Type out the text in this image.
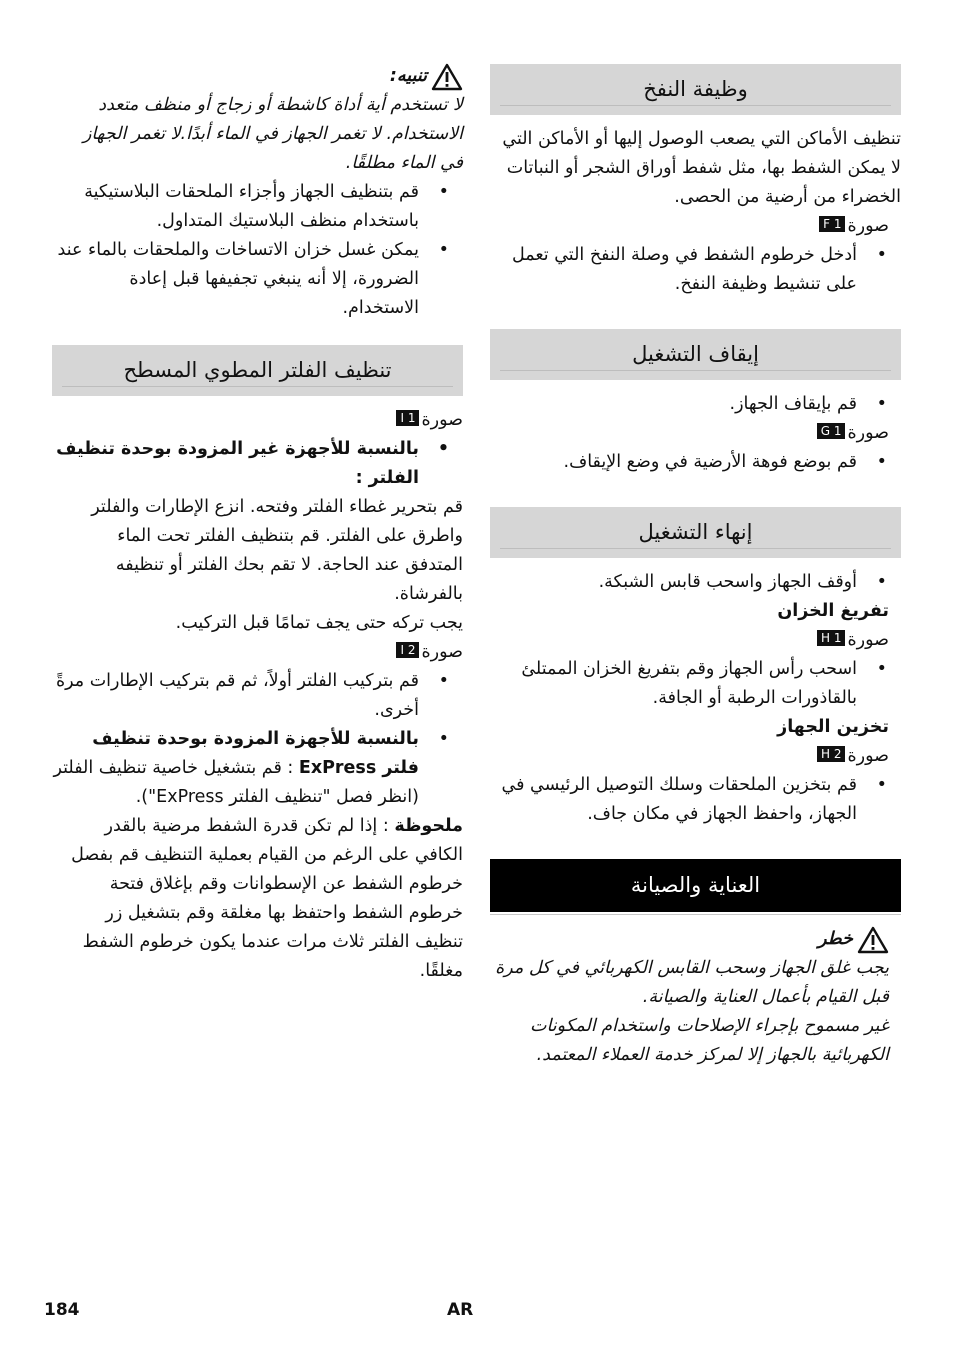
وظيفة النفخ

تنظيف الأماكن التي يصعب الوصول إليها أو الأماكن التي لا يمكن الشفط بها، مثل شفط أوراق الشجر أو النباتات الخضراء من أرضية من الحصى.

صورةF 1

• أدخل خرطوم الشفط في وصلة النفخ التي تعمل على تنشيط وظيفة النفخ.

إيقاف التشغيل

• قم بإيقاف الجهاز.

صورةG 1

• قم بوضع فوهة الأرضية في وضع الإيقاف.

إنهاء التشغيل

• أوقف الجهاز واسحب قابس الشبكة.

تفريغ الخزان
صورةH 1

• اسحب رأس الجهاز وقم بتفريغ الخزان الممتلئ بالقاذورات الرطبة أو الجافة.

تخزين الجهاز
صورةH 2

• قم بتخزين الملحقات وسلك التوصيل الرئيسي في الجهاز، واحفظ الجهاز في مكان جاف.

العناية والصيانة
خطر

يجب غلق الجهاز وسحب القابس الكهربائي في كل مرة قبل القيام بأعمال العناية والصيانة.

غير مسموح بإجراء الإصلاحات واستخدام المكونات الكهربائية بالجهاز إلا لمركز خدمة العملاء المعتمد.

تنبيه:

لا تستخدم أية أداة كاشطة أو زجاج أو منظف متعدد الاستخدام. لا تغمر الجهاز في الماء أبدًا.لا تغمر الجهاز في الماء مطلقًا.

• قم بتنظيف الجهاز وأجزاء الملحقات البلاستيكية باستخدام منظف البلاستيك المتداول.

• يمكن غسل خزان الاتساخات والملحقات بالماء عند الضرورة، إلا أنه ينبغي تجفيفها قبل إعادة الاستخدام.

تنظيف الفلتر المطوي المسطح
صورةI 1

• بالنسبة للأجهزة غير المزودة بوحدة تنظيف الفلتر :

قم بتحرير غطاء الفلتر وفتحه. انزع الإطارات والفلتر واطرق على الفلتر. قم بتنظيف الفلتر تحت الماء المتدفق عند الحاجة. لا تقم بحك الفلتر أو تنظيفه بالفرشاة.

يجب تركه حتى يجف تمامًا قبل التركيب.

صورةI 2

• قم بتركيب الفلتر أولاً، ثم قم بتركيب الإطارات مرةً أخرى.

• بالنسبة للأجهزة المزودة بوحدة تنظيف فلتر ExPress : قم بتشغيل خاصية تنظيف الفلتر (انظر فصل "تنظيف الفلتر ExPress").

ملحوظة : إذا لم تكن قدرة الشفط مرضية بالقدر الكافي على الرغم من القيام بعملية التنظيف قم بفصل خرطوم الشفط عن الإسطوانات وقم بإغلاق فتحة خرطوم الشفط واحتفظ بها مغلقة وقم بتشغيل زر تنظيف الفلتر ثلاث مرات عندما يكون خرطوم الشفط مغلقًا.

184	AR
